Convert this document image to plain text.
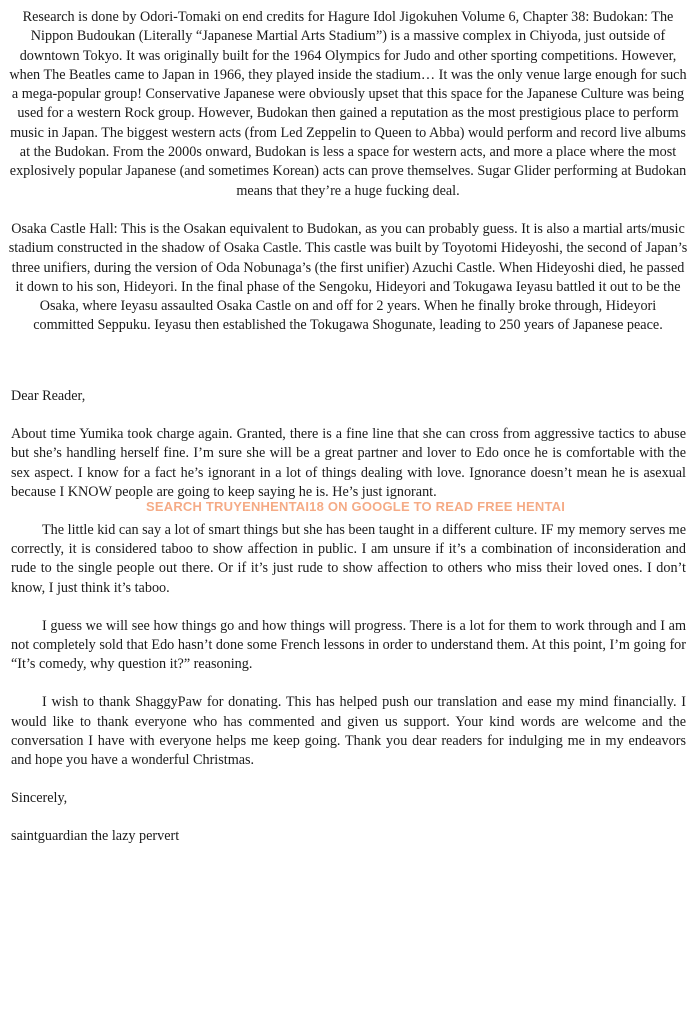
Research is done by Odori-Tomaki on end credits for Hagure Idol Jigokuhen Volume 6, Chapter 38: Budokan: The Nippon Budoukan (Literally “Japanese Martial Arts Stadium”) is a massive complex in Chiyoda, just outside of downtown Tokyo. It was originally built for the 1964 Olympics for Judo and other sporting competitions. However, when The Beatles came to Japan in 1966, they played inside the stadium… It was the only venue large enough for such a mega-popular group! Conservative Japanese were obviously upset that this space for the Japanese Culture was being used for a western Rock group. However, Budokan then gained a reputation as the most prestigious place to perform music in Japan. The biggest western acts (from Led Zeppelin to Queen to Abba) would perform and record live albums at the Budokan. From the 2000s onward, Budokan is less a space for western acts, and more a place where the most explosively popular Japanese (and sometimes Korean) acts can prove themselves. Sugar Glider performing at Budokan means that they’re a huge fucking deal.

Osaka Castle Hall: This is the Osakan equivalent to Budokan, as you can probably guess. It is also a martial arts/music stadium constructed in the shadow of Osaka Castle. This castle was built by Toyotomi Hideyoshi, the second of Japan’s three unifiers, during the version of Oda Nobunaga’s (the first unifier) Azuchi Castle. When Hideyoshi died, he passed it down to his son, Hideyori. In the final phase of the Sengoku, Hideyori and Tokugawa Ieyasu battled it out to be the Osaka, where Ieyasu assaulted Osaka Castle on and off for 2 years. When he finally broke through, Hideyori committed Seppuku. Ieyasu then established the Tokugawa Shogunate, leading to 250 years of Japanese peace.

Dear Reader,

About time Yumika took charge again. Granted, there is a fine line that she can cross from aggressive tactics to abuse but she’s handling herself fine. I’m sure she will be a great partner and lover to Edo once he is comfortable with the sex aspect. I know for a fact he’s ignorant in a lot of things dealing with love. Ignorance doesn’t mean he is asexual because I KNOW people are going to keep saying he is. He’s just ignorant.

The little kid can say a lot of smart things but she has been taught in a different culture. IF my memory serves me correctly, it is considered taboo to show affection in public. I am unsure if it’s a combination of inconsideration and rude to the single people out there. Or if it’s just rude to show affection to others who miss their loved ones. I don’t know, I just think it’s taboo.

I guess we will see how things go and how things will progress. There is a lot for them to work through and I am not completely sold that Edo hasn’t done some French lessons in order to understand them. At this point, I’m going for “It’s comedy, why question it?” reasoning.

I wish to thank ShaggyPaw for donating. This has helped push our translation and ease my mind financially. I would like to thank everyone who has commented and given us support. Your kind words are welcome and the conversation I have with everyone helps me keep going. Thank you dear readers for indulging me in my endeavors and hope you have a wonderful Christmas.

Sincerely,

saintguardian the lazy pervert

SEARCH TRUYENHENTAI18 ON GOOGLE TO READ FREE HENTAI
